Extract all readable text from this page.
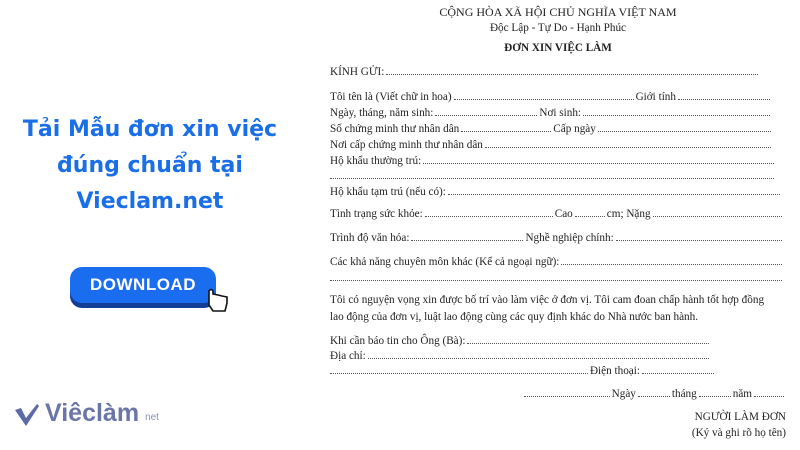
Tải Mẫu đơn xin việc
đúng chuẩn tại
Vieclam.net
DOWNLOAD
Viêclàm net
CỘNG HÒA XÃ HỘI CHỦ NGHĨA VIỆT NAM
Độc Lập - Tự Do - Hạnh Phúc
ĐƠN XIN VIỆC LÀM
KÍNH GỬI:
Tôi tên là (Viết chữ in hoa)	Giới tính
Ngày, tháng, năm sinh:	Nơi sinh:
Số chứng minh thư nhân dân	Cấp ngày
Nơi cấp chứng minh thư nhân dân
Hộ khẩu thường trú:
Hộ khẩu tạm trú (nếu có):
Tình trạng sức khỏe:	Cao	cm; Nặng
Trình độ văn hóa:	Nghề nghiệp chính:
Các khả năng chuyên môn khác (Kể cả ngoại ngữ):
Tôi có nguyện vọng xin được bố trí vào làm việc ở đơn vị. Tôi cam đoan chấp hành tốt hợp đồng
lao động của đơn vị, luật lao động cùng các quy định khác do Nhà nước ban hành.
Khi cần báo tin cho Ông (Bà):
Địa chỉ:
Điện thoại:
Ngày	tháng	năm
NGƯỜI LÀM ĐƠN
(Ký và ghi rõ họ tên)
